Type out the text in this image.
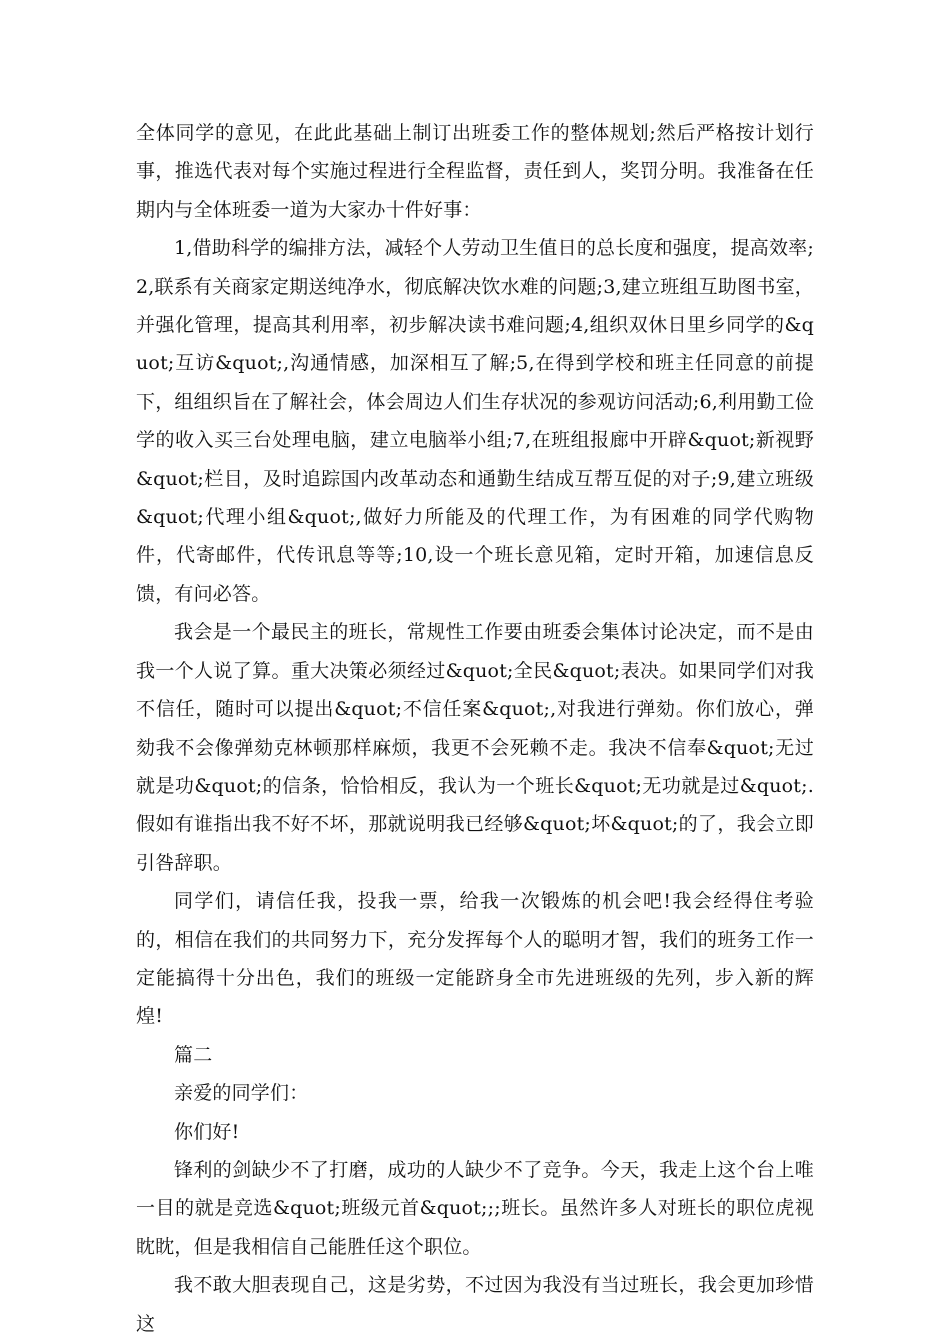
全体同学的意见，在此此基础上制订出班委工作的整体规划;然后严格按计划行事，推选代表对每个实施过程进行全程监督，责任到人，奖罚分明。我准备在任期内与全体班委一道为大家办十件好事：

1,借助科学的编排方法，减轻个人劳动卫生值日的总长度和强度，提高效率;2,联系有关商家定期送纯净水，彻底解决饮水难的问题;3,建立班组互助图书室，并强化管理，提高其利用率，初步解决读书难问题;4,组织双休日里乡同学的&quot;互访&quot;,沟通情感，加深相互了解;5,在得到学校和班主任同意的前提下，组组织旨在了解社会，体会周边人们生存状况的参观访问活动;6,利用勤工俭学的收入买三台处理电脑，建立电脑举小组;7,在班组报廊中开辟&quot;新视野&quot;栏目，及时追踪国内改革动态和通勤生结成互帮互促的对子;9,建立班级&quot;代理小组&quot;,做好力所能及的代理工作，为有困难的同学代购物件，代寄邮件，代传讯息等等;10,设一个班长意见箱，定时开箱，加速信息反馈，有问必答。

我会是一个最民主的班长，常规性工作要由班委会集体讨论决定，而不是由我一个人说了算。重大决策必须经过&quot;全民&quot;表决。如果同学们对我不信任，随时可以提出&quot;不信任案&quot;,对我进行弹劾。你们放心，弹劾我不会像弹劾克林顿那样麻烦，我更不会死赖不走。我决不信奉&quot;无过就是功&quot;的信条，恰恰相反，我认为一个班长&quot;无功就是过&quot;.假如有谁指出我不好不坏，那就说明我已经够&quot;坏&quot;的了，我会立即引咎辞职。

同学们，请信任我，投我一票，给我一次锻炼的机会吧!我会经得住考验的，相信在我们的共同努力下，充分发挥每个人的聪明才智，我们的班务工作一定能搞得十分出色，我们的班级一定能跻身全市先进班级的先列，步入新的辉煌!

篇二

亲爱的同学们：

你们好!

锋利的剑缺少不了打磨，成功的人缺少不了竞争。今天，我走上这个台上唯一目的就是竞选&quot;班级元首&quot;;;班长。虽然许多人对班长的职位虎视眈眈，但是我相信自己能胜任这个职位。

我不敢大胆表现自己，这是劣势，不过因为我没有当过班长，我会更加珍惜这
